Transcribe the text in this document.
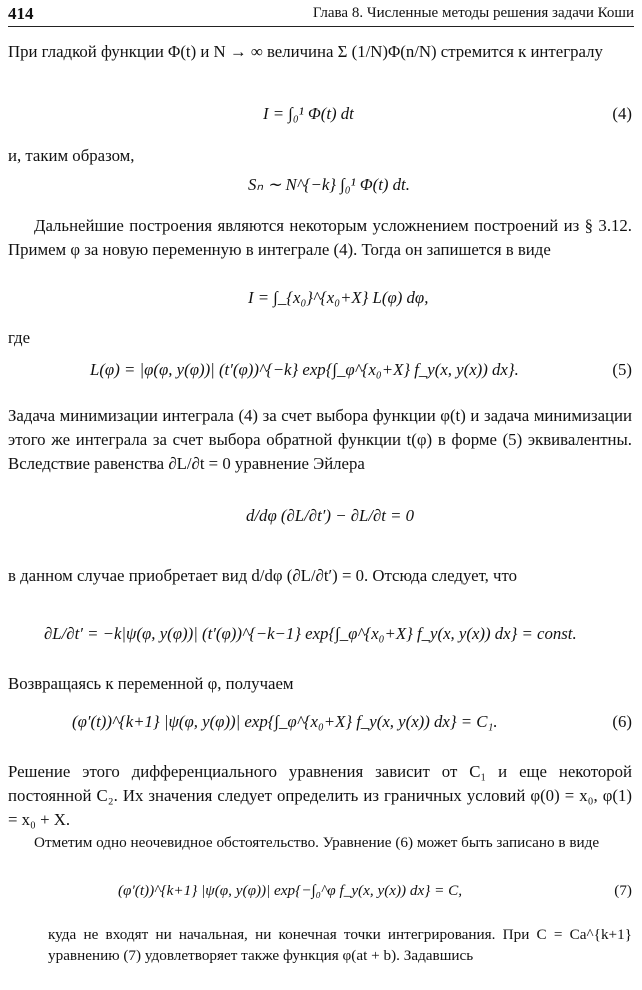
414	Глава 8. Численные методы решения задачи Коши

При гладкой функции Φ(t) и N → ∞ величина Σ (1/N)Φ(n/N) стремится к интегралу

I = ∫₀¹ Φ(t) dt	(4)

и, таким образом,

Sₙ ∼ N^{−k} ∫₀¹ Φ(t) dt.

Дальнейшие построения являются некоторым усложнением построений из § 3.12. Примем φ за новую переменную в интеграле (4). Тогда он запишется в виде

I = ∫_{x₀}^{x₀+X} L(φ) dφ,

где

L(φ) = |φ(φ, y(φ))| (t′(φ))^{−k} exp{∫_φ^{x₀+X} f_y(x, y(x)) dx}.	(5)

Задача минимизации интеграла (4) за счет выбора функции φ(t) и задача минимизации этого же интеграла за счет выбора обратной функции t(φ) в форме (5) эквивалентны. Вследствие равенства ∂L/∂t = 0 уравнение Эйлера

d/dφ (∂L/∂t′) − ∂L/∂t = 0

в данном случае приобретает вид d/dφ (∂L/∂t′) = 0. Отсюда следует, что

∂L/∂t′ = −k|ψ(φ, y(φ))| (t′(φ))^{−k−1} exp{∫_φ^{x₀+X} f_y(x, y(x)) dx} = const.

Возвращаясь к переменной φ, получаем

(φ′(t))^{k+1} |ψ(φ, y(φ))| exp{∫_φ^{x₀+X} f_y(x, y(x)) dx} = C₁.	(6)

Решение этого дифференциального уравнения зависит от C₁ и еще некоторой постоянной C₂. Их значения следует определить из граничных условий φ(0) = x₀, φ(1) = x₀ + X.

Отметим одно неочевидное обстоятельство. Уравнение (6) может быть записано в виде

(φ′(t))^{k+1} |ψ(φ, y(φ))| exp{−∫₀^φ f_y(x, y(x)) dx} = C,	(7)

куда не входят ни начальная, ни конечная точки интегрирования. При C = Ca^{k+1} уравнению (7) удовлетворяет также функция φ(at + b). Задавшись
